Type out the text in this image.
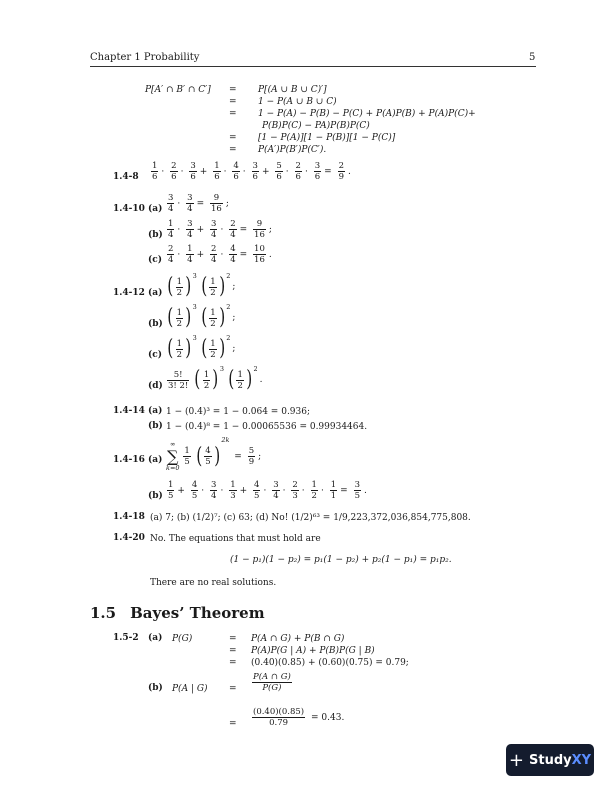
Chapter 1 Probability	5
P[A′ ∩ B′ ∩ C′] = P[(A ∪ B ∪ C)′]
= 1 − P(A ∪ B ∪ C)
= 1 − P(A) − P(B) − P(C) + P(A)P(B) + P(A)P(C)+
P(B)P(C) − PA)P(B)P(C)
= [1 − P(A)][1 − P(B)][1 − P(C)]
= P(A′)P(B′)P(C′).
$1.4-8 \frac{1}{6} \cdot \frac{2}{6} \cdot \frac{3}{6} + \frac{1}{6} \cdot \frac{4}{6} \cdot \frac{3}{6} + \frac{5}{6} \cdot \frac{2}{6} \cdot \frac{3}{6} = \frac{2}{9}$ .
1.4-10 $(a) \frac{3}{4} \cdot \frac{3}{4} = \frac{9}{16}$ ;
$(b) \frac{1}{4} \cdot \frac{3}{4} + \frac{3}{4} \cdot \frac{2}{4} = \frac{9}{16}$ ;
$(c) \frac{2}{4} \cdot \frac{1}{4} + \frac{2}{4} \cdot \frac{4}{4} = \frac{10}{16}$ .
1.4-12 (a) ( $\frac{1}{2} )3$ ( $\frac{1}{2} )2$;
(b) ( $\frac{1}{2} )3$ ( $\frac{1}{2} )2$;
(c) ( $\frac{1}{2} )3$ ( $\frac{1}{2} )2$;
$(d) \frac{5!}{3! 2!}$ ( $\frac{1}{2} )3$ ( $\frac{1}{2} )2$.
1.4-14 (a) 1 − (0.4)³ = 1 − 0.064 = 0.936;
(b) 1 − (0.4)⁸ = 1 − 0.00065536 = 0.99934464.
1.4-16 (a)
∞
∑
k=0

$\frac{1}{5}$ ( $\frac{4}{5} )2k = \frac{5}{9}$ ;
$(b) \frac{1}{5} + \frac{4}{5} \cdot \frac{3}{4} \cdot \frac{1}{3} + \frac{4}{5} \cdot \frac{3}{4} \cdot \frac{2}{3} \cdot \frac{1}{2} \cdot \frac{1}{1} = \frac{3}{5}$ .
1.4-18 (a) 7; (b) (1/2)⁷; (c) 63; (d) No! (1/2)⁶³ = 1/9,223,372,036,854,775,808.
1.4-20 No. The equations that must hold are
(1 − p₁)(1 − p₂) = p₁(1 − p₂) + p₂(1 − p₁) = p₁p₂.
There are no real solutions.
1.5 Bayes’ Theorem
1.5-2 (a) P(G)	= P(A ∩ G) + P(B ∩ G)
= P(A)P(G | A) + P(B)P(G | B)
= (0.40)(0.85) + (0.60)(0.75) = 0.79;
(b) P(A | $G) = \frac{P(A \cap G)}{P(G)}$
= $\frac{(0.40)(0.85)}{0.79} = 0.43$.
+ Study XY
